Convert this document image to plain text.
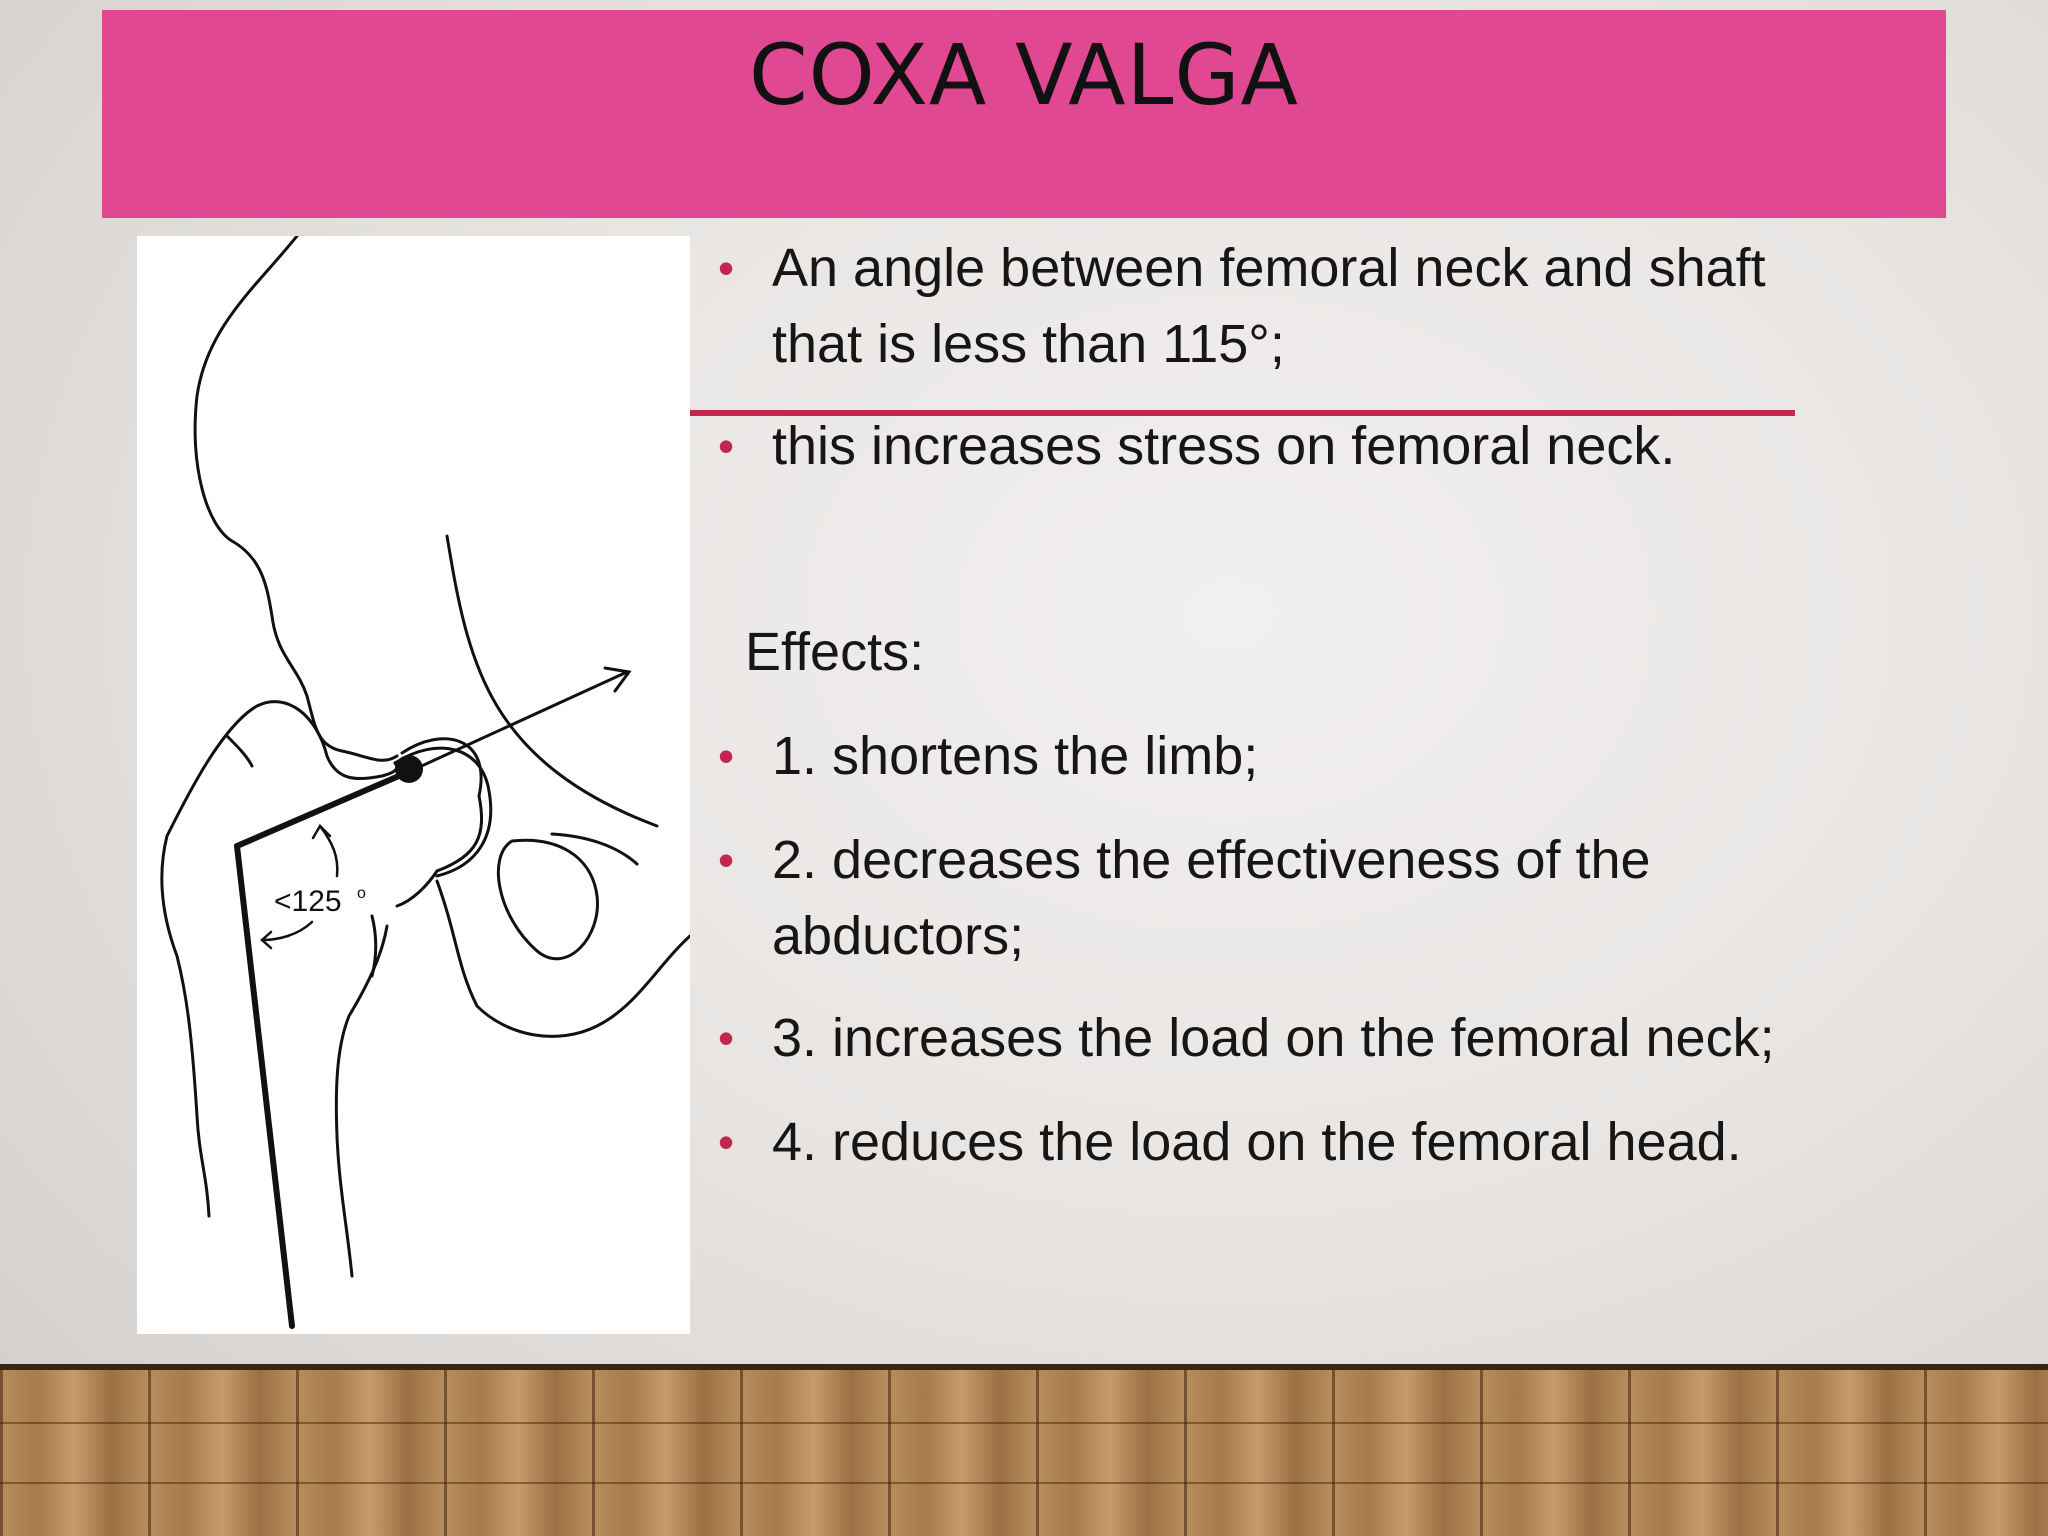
COXA VALGA
<125 o
• An angle between femoral neck and shaft that is less than 115°;
• this increases stress on femoral neck.
Effects:
• 1. shortens the limb;
• 2. decreases the effectiveness of the abductors;
• 3. increases the load on the femoral neck;
• 4. reduces the load on the femoral head.
